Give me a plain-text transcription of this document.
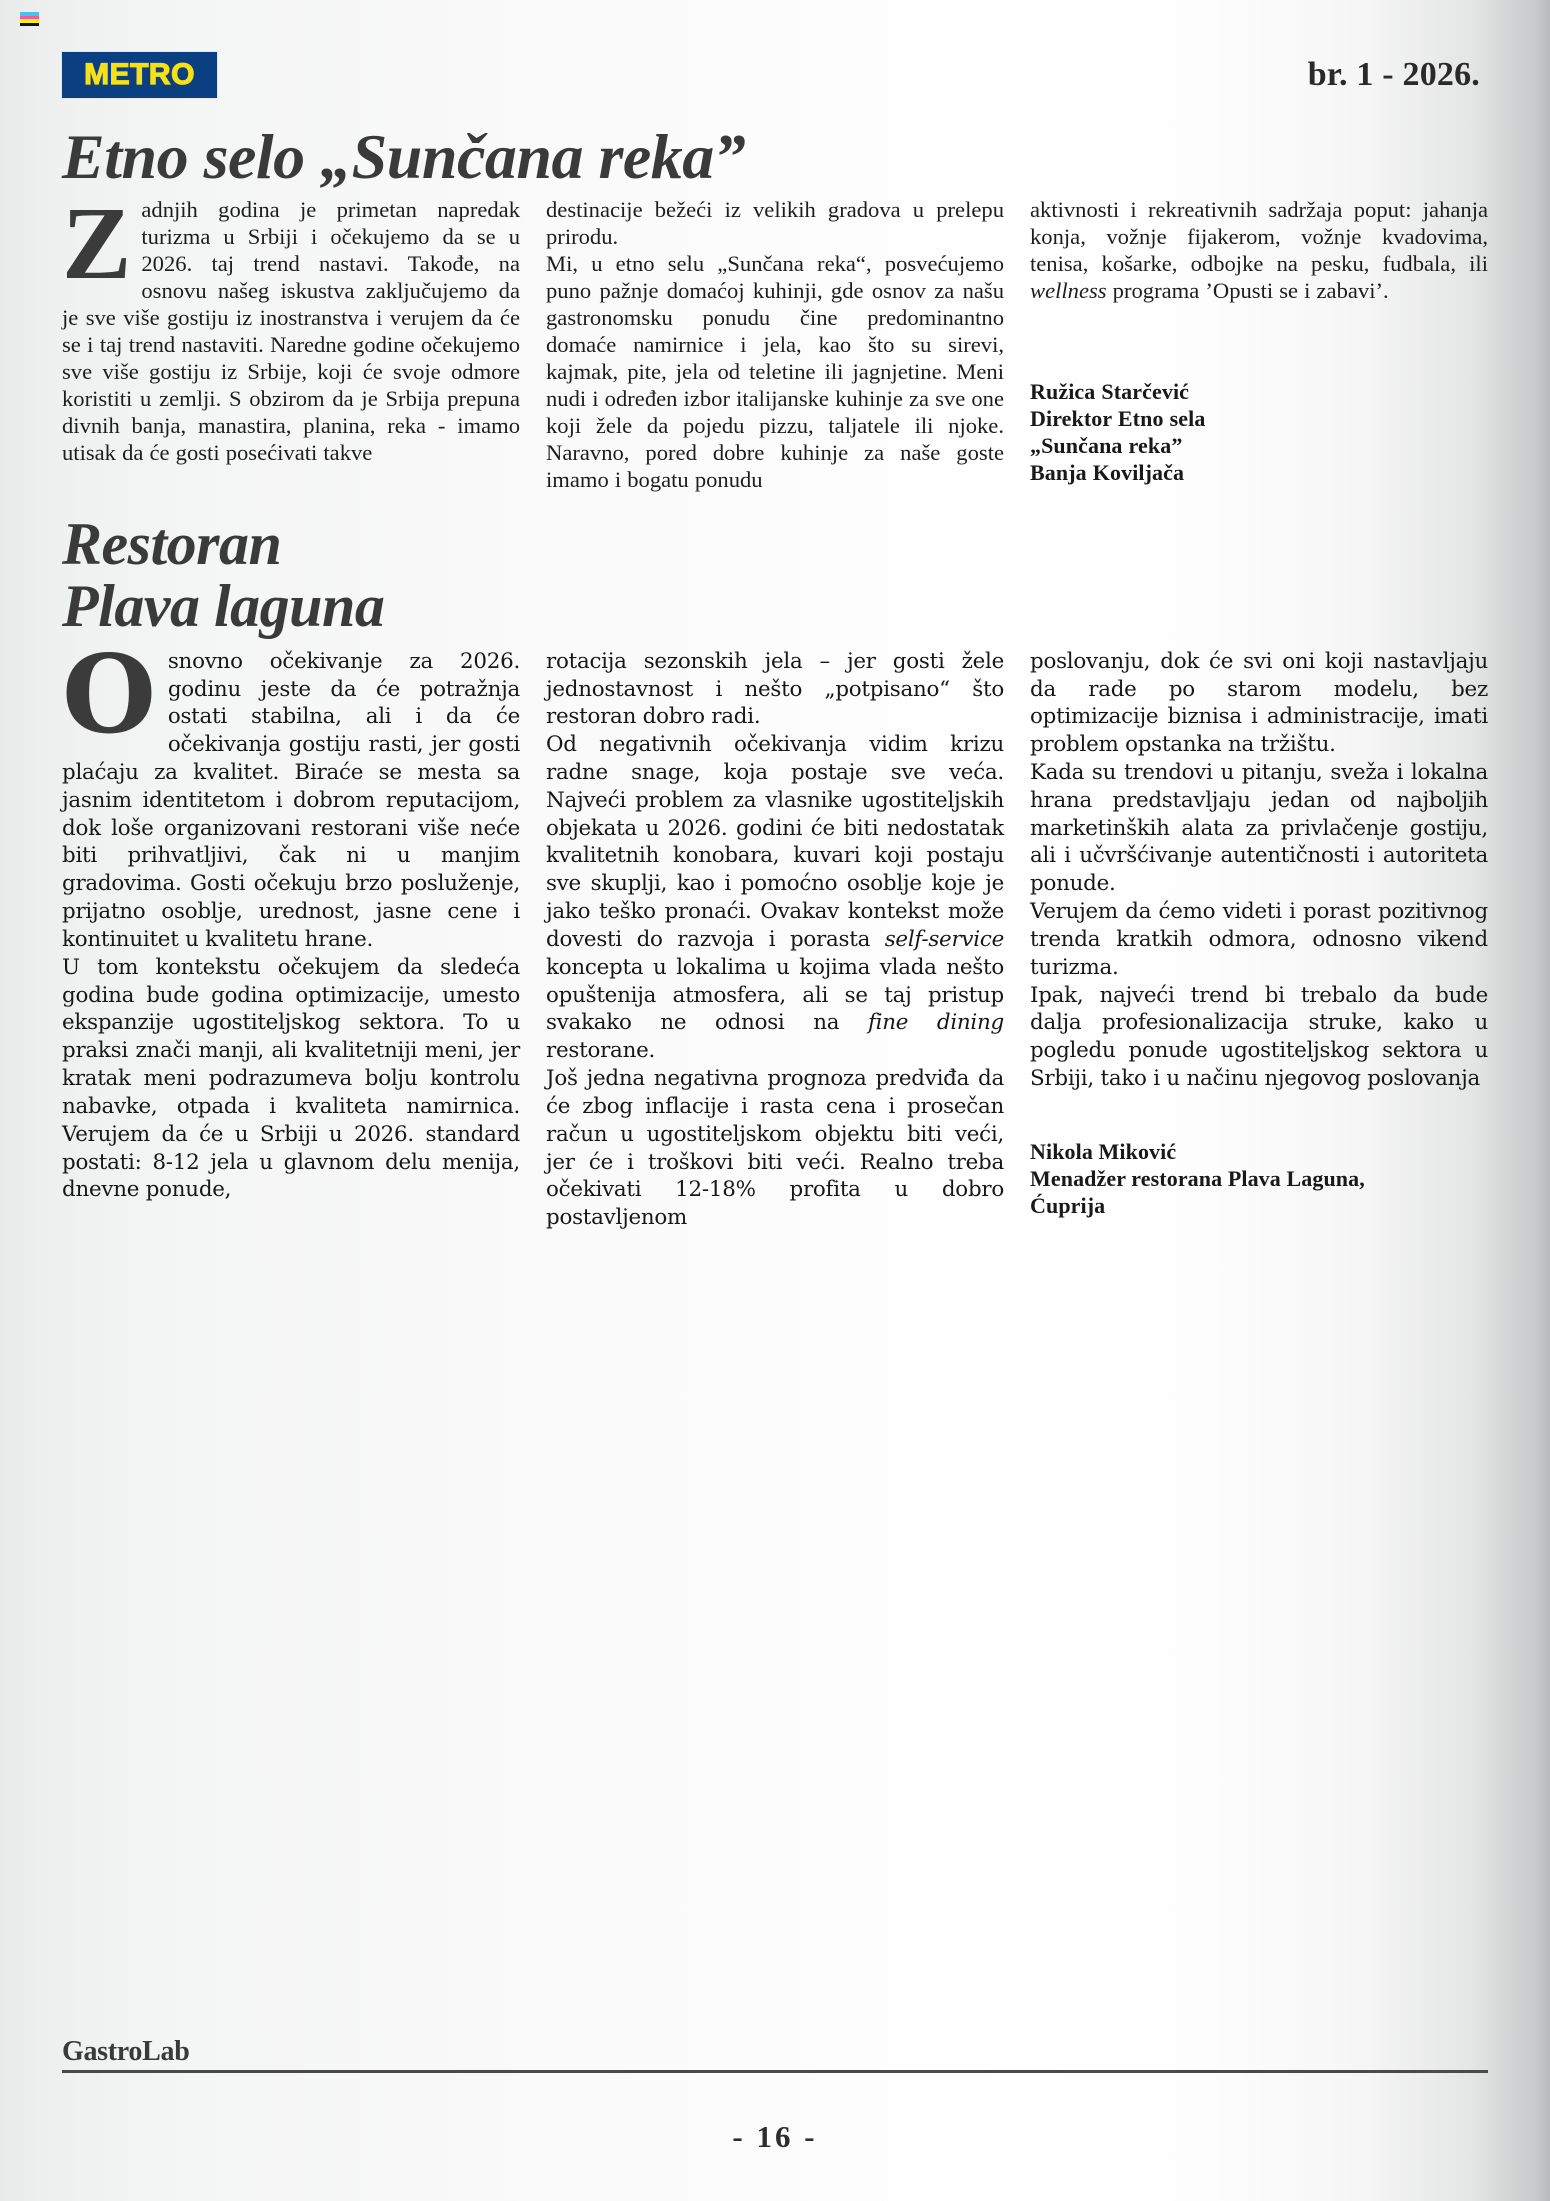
METRO	br. 1 - 2026.
Etno selo „Sunčana reka”

Zadnjih godina je primetan napredak turizma u Srbiji i očekujemo da se u 2026. taj trend nastavi. Takođe, na osnovu našeg iskustva zaključujemo da je sve više gostiju iz inostranstva i verujem da će se i taj trend nastaviti. Naredne godine očekujemo sve više gostiju iz Srbije, koji će svoje odmore koristiti u zemlji. S obzirom da je Srbija prepuna divnih banja, manastira, planina, reka - imamo utisak da će gosti posećivati takve

destinacije bežeći iz velikih gradova u prelepu prirodu.

Mi, u etno selu „Sunčana reka“, posvećujemo puno pažnje domaćoj kuhinji, gde osnov za našu gastronomsku ponudu čine predominantno domaće namirnice i jela, kao što su sirevi, kajmak, pite, jela od teletine ili jagnjetine. Meni nudi i određen izbor italijanske kuhinje za sve one koji žele da pojedu pizzu, taljatele ili njoke. Naravno, pored dobre kuhinje za naše goste imamo i bogatu ponudu

aktivnosti i rekreativnih sadržaja poput: jahanja konja, vožnje fijakerom, vožnje kvadovima, tenisa, košarke, odbojke na pesku, fudbala, ili wellness programa ’Opusti se i zabavi’.

Ružica Starčević
Direktor Etno sela
„Sunčana reka”
Banja Koviljača
Restoran
Plava laguna

Osnovno očekivanje za 2026. godinu jeste da će potražnja ostati stabilna, ali i da će očekivanja gostiju rasti, jer gosti plaćaju za kvalitet. Biraće se mesta sa jasnim identitetom i dobrom reputacijom, dok loše organizovani restorani više neće biti prihvatljivi, čak ni u manjim gradovima. Gosti očekuju brzo posluženje, prijatno osoblje, urednost, jasne cene i kontinuitet u kvalitetu hrane.

U tom kontekstu očekujem da sledeća godina bude godina optimizacije, umesto ekspanzije ugostiteljskog sektora. To u praksi znači manji, ali kvalitetniji meni, jer kratak meni podrazumeva bolju kontrolu nabavke, otpada i kvaliteta namirnica. Verujem da će u Srbiji u 2026. standard postati: 8-12 jela u glavnom delu menija, dnevne ponude,

rotacija sezonskih jela – jer gosti žele jednostavnost i nešto „potpisano“ što restoran dobro radi.

Od negativnih očekivanja vidim krizu radne snage, koja postaje sve veća. Najveći problem za vlasnike ugostiteljskih objekata u 2026. godini će biti nedostatak kvalitetnih konobara, kuvari koji postaju sve skuplji, kao i pomoćno osoblje koje je jako teško pronaći. Ovakav kontekst može dovesti do razvoja i porasta self-service koncepta u lokalima u kojima vlada nešto opuštenija atmosfera, ali se taj pristup svakako ne odnosi na fine dining restorane.

Još jedna negativna prognoza predviđa da će zbog inflacije i rasta cena i prosečan račun u ugostiteljskom objektu biti veći, jer će i troškovi biti veći. Realno treba očekivati 12-18% profita u dobro postavljenom

poslovanju, dok će svi oni koji nastavljaju da rade po starom modelu, bez optimizacije biznisa i administracije, imati problem opstanka na tržištu.

Kada su trendovi u pitanju, sveža i lokalna hrana predstavljaju jedan od najboljih marketinških alata za privlačenje gostiju, ali i učvršćivanje autentičnosti i autoriteta ponude.

Verujem da ćemo videti i porast pozitivnog trenda kratkih odmora, odnosno vikend turizma.

Ipak, najveći trend bi trebalo da bude dalja profesionalizacija struke, kako u pogledu ponude ugostiteljskog sektora u Srbiji, tako i u načinu njegovog poslovanja

Nikola Miković
Menadžer restorana Plava Laguna,
Ćuprija
GastroLab
- 16 -
